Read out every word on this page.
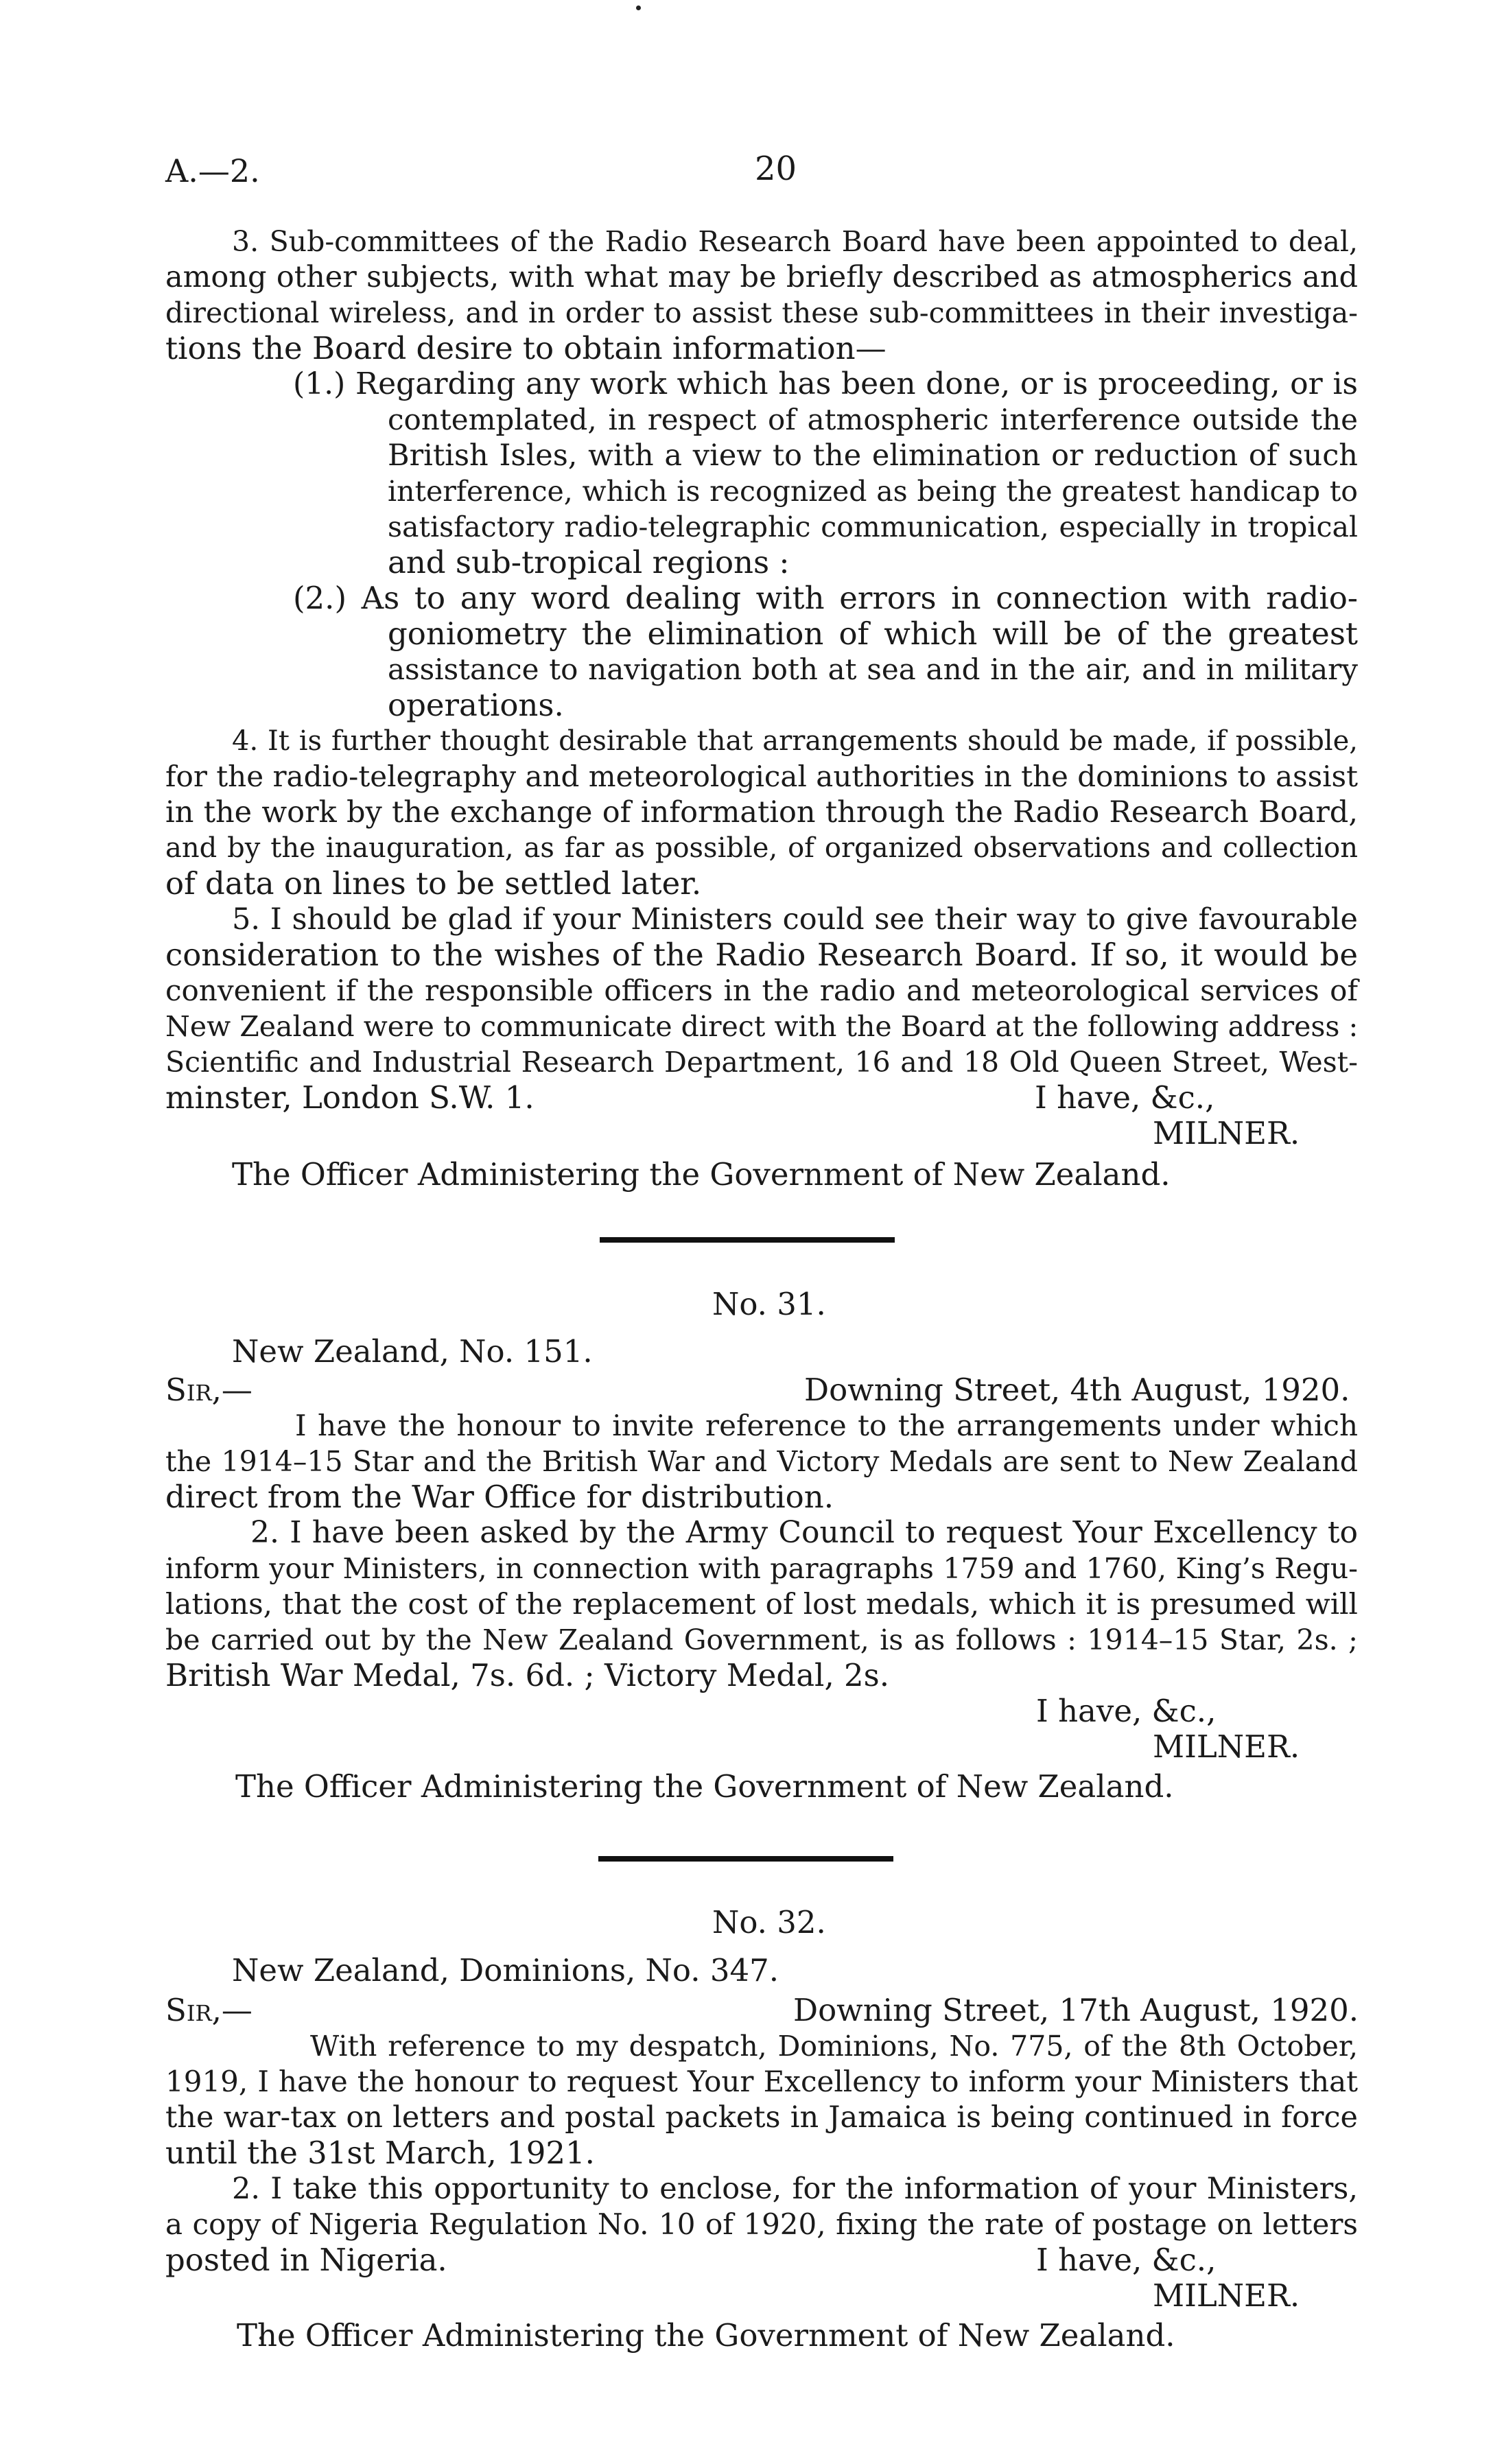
A.—2.	20
3. Sub-committees of the Radio Research Board have been appointed to deal,
among other subjects, with what may be briefly described as atmospherics and
directional wireless, and in order to assist these sub-committees in their investiga-
tions the Board desire to obtain information—
(1.) Regarding any work which has been done, or is proceeding, or is
contemplated, in respect of atmospheric interference outside the
British Isles, with a view to the elimination or reduction of such
interference, which is recognized as being the greatest handicap to
satisfactory radio-telegraphic communication, especially in tropical
and sub-tropical regions :
(2.) As to any word dealing with errors in connection with radio-
goniometry the elimination of which will be of the greatest
assistance to navigation both at sea and in the air, and in military
operations.
4. It is further thought desirable that arrangements should be made, if possible,
for the radio-telegraphy and meteorological authorities in the dominions to assist
in the work by the exchange of information through the Radio Research Board,
and by the inauguration, as far as possible, of organized observations and collection
of data on lines to be settled later.
5. I should be glad if your Ministers could see their way to give favourable
consideration to the wishes of the Radio Research Board. If so, it would be
convenient if the responsible officers in the radio and meteorological services of
New Zealand were to communicate direct with the Board at the following address :
Scientific and Industrial Research Department, 16 and 18 Old Queen Street, West-
minster, London S.W. 1.	I have, &c.,
MILNER.
The Officer Administering the Government of New Zealand.
No. 31.
New Zealand, No. 151.
Sir,—	Downing Street, 4th August, 1920.
I have the honour to invite reference to the arrangements under which
the 1914–15 Star and the British War and Victory Medals are sent to New Zealand
direct from the War Office for distribution.
2. I have been asked by the Army Council to request Your Excellency to
inform your Ministers, in connection with paragraphs 1759 and 1760, King’s Regu-
lations, that the cost of the replacement of lost medals, which it is presumed will
be carried out by the New Zealand Government, is as follows : 1914–15 Star, 2s. ;
British War Medal, 7s. 6d. ; Victory Medal, 2s.
I have, &c.,
MILNER.
The Officer Administering the Government of New Zealand.
No. 32.
New Zealand, Dominions, No. 347.
Sir,—	Downing Street, 17th August, 1920.
With reference to my despatch, Dominions, No. 775, of the 8th October,
1919, I have the honour to request Your Excellency to inform your Ministers that
the war-tax on letters and postal packets in Jamaica is being continued in force
until the 31st March, 1921.
2. I take this opportunity to enclose, for the information of your Ministers,
a copy of Nigeria Regulation No. 10 of 1920, fixing the rate of postage on letters
posted in Nigeria.	I have, &c.,
MILNER.
The Officer Administering the Government of New Zealand.
